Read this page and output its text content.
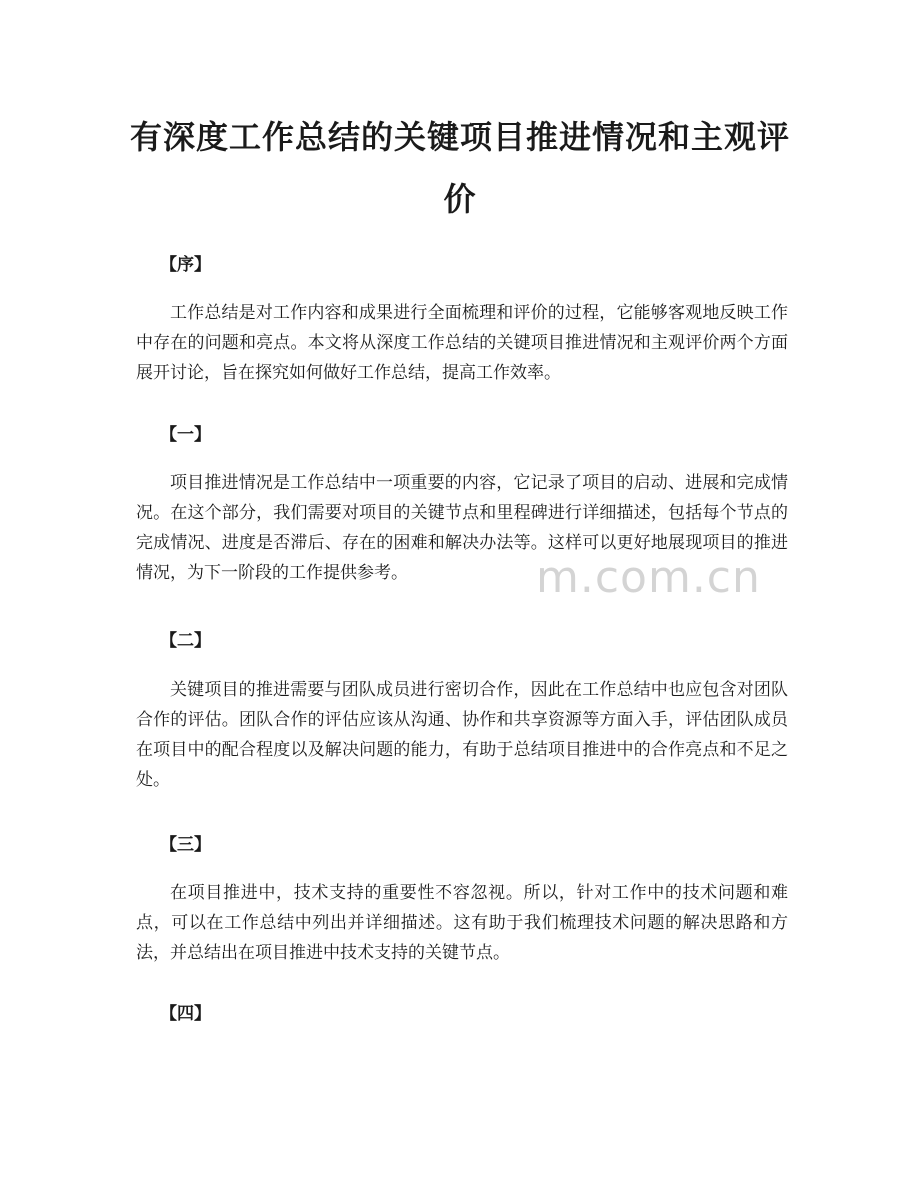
有深度工作总结的关键项目推进情况和主观评价
【序】

工作总结是对工作内容和成果进行全面梳理和评价的过程，它能够客观地反映工作中存在的问题和亮点。本文将从深度工作总结的关键项目推进情况和主观评价两个方面展开讨论，旨在探究如何做好工作总结，提高工作效率。

【一】

项目推进情况是工作总结中一项重要的内容，它记录了项目的启动、进展和完成情况。在这个部分，我们需要对项目的关键节点和里程碑进行详细描述，包括每个节点的完成情况、进度是否滞后、存在的困难和解决办法等。这样可以更好地展现项目的推进情况，为下一阶段的工作提供参考。

【二】

关键项目的推进需要与团队成员进行密切合作，因此在工作总结中也应包含对团队合作的评估。团队合作的评估应该从沟通、协作和共享资源等方面入手，评估团队成员在项目中的配合程度以及解决问题的能力，有助于总结项目推进中的合作亮点和不足之处。

【三】

在项目推进中，技术支持的重要性不容忽视。所以，针对工作中的技术问题和难点，可以在工作总结中列出并详细描述。这有助于我们梳理技术问题的解决思路和方法，并总结出在项目推进中技术支持的关键节点。

【四】
m.com.cn
